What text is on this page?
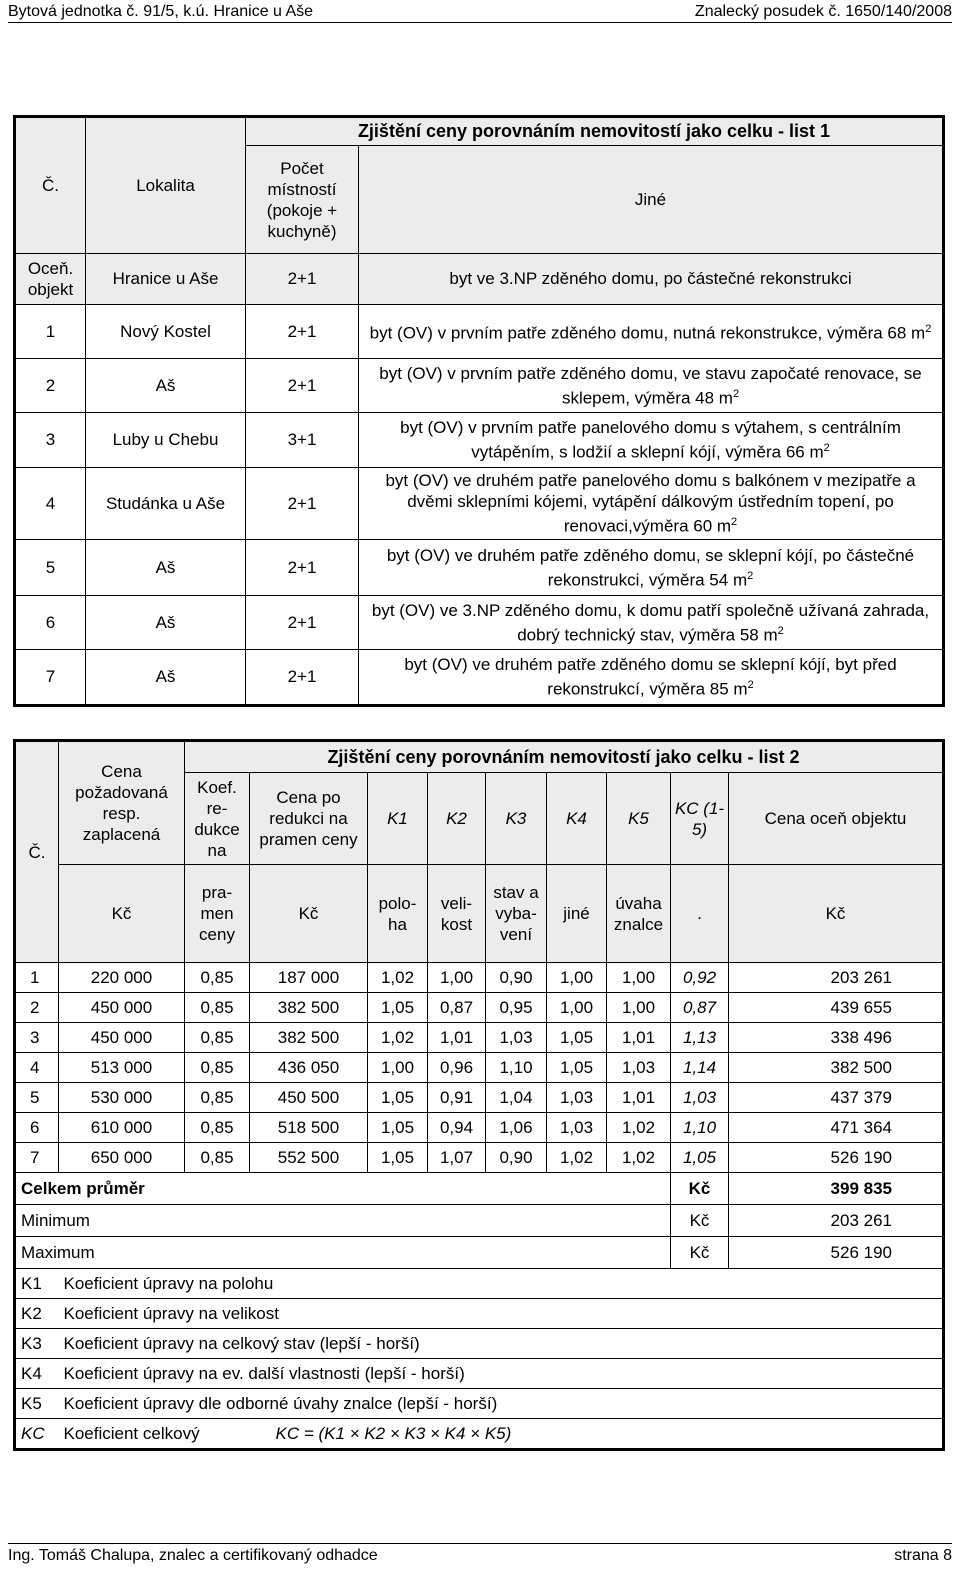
Bytová jednotka č. 91/5, k.ú. Hranice u Aše	Znalecký posudek č. 1650/140/2008
Č.	Lokalita	Zjištění ceny porovnáním nemovitostí jako celku - list 1	
		Počet místností (pokoje + kuchyně)	Jiné
Oceň. objekt	Hranice u Aše	2+1	byt ve 3.NP zděného domu, po částečné rekonstrukci
1	Nový Kostel	2+1	byt (OV) v prvním patře zděného domu, nutná rekonstrukce, výměra 68 $m^2$
2	Aš	2+1	byt (OV) v prvním patře zděného domu, ve stavu započaté renovace, se sklepem, výměra 48 $m^2$
3	Luby u Chebu	3+1	byt (OV) v prvním patře panelového domu s výtahem, s centrálním vytápěním, s lodžií a sklepní kójí, výměra 66 $m^2$
4	Studánka u Aše	2+1	byt (OV) ve druhém patře panelového domu s balkónem v mezipatře a dvěmi sklepními kójemi, vytápění dálkovým ústředním topení, po renovaci,výměra 60 $m^2$
5	Aš	2+1	byt (OV) ve druhém patře zděného domu, se sklepní kójí, po částečné rekonstrukci, výměra 54 $m^2$
6	Aš	2+1	byt (OV) ve 3.NP zděného domu, k domu patří společně užívaná zahrada, dobrý technický stav, výměra 58 $m^2$
7	Aš	2+1	byt (OV) ve druhém patře zděného domu se sklepní kójí, byt před rekonstrukcí, výměra 85 $m^2$
Č.	Cena požadovaná resp. zaplacená	Zjištění ceny porovnáním nemovitostí jako celku - list 2								
		Koef. re- dukce na	Cena po redukci na pramen ceny	K1	K2	K3	K4	K5	KC (1-5)	Cena oceň objektu
	Kč	pra- men ceny	Kč	polo- ha	veli- kost	stav a vyba- vení	jiné	úvaha znalce	.	Kč
1	220 000	0,85	187 000	1,02	1,00	0,90	1,00	1,00	0,92	203 261
2	450 000	0,85	382 500	1,05	0,87	0,95	1,00	1,00	0,87	439 655
3	450 000	0,85	382 500	1,02	1,01	1,03	1,05	1,01	1,13	338 496
4	513 000	0,85	436 050	1,00	0,96	1,10	1,05	1,03	1,14	382 500
5	530 000	0,85	450 500	1,05	0,91	1,04	1,03	1,01	1,03	437 379
6	610 000	0,85	518 500	1,05	0,94	1,06	1,03	1,02	1,10	471 364
7	650 000	0,85	552 500	1,05	1,07	0,90	1,02	1,02	1,05	526 190
Celkem průměr									Kč	399 835
Minimum									Kč	203 261
Maximum									Kč	526 190
K1	Koeficient úpravy na polohu									
K2	Koeficient úpravy na velikost									
K3	Koeficient úpravy na celkový stav (lepší - horší)									
K4	Koeficient úpravy na ev. další vlastnosti (lepší - horší)									
K5	Koeficient úpravy dle odborné úvahy znalce (lepší - horší)									
KC	Koeficient celkový KC = (K1 × K2 × K3 × K4 × K5)									
Ing. Tomáš Chalupa, znalec a certifikovaný odhadce	strana 8
